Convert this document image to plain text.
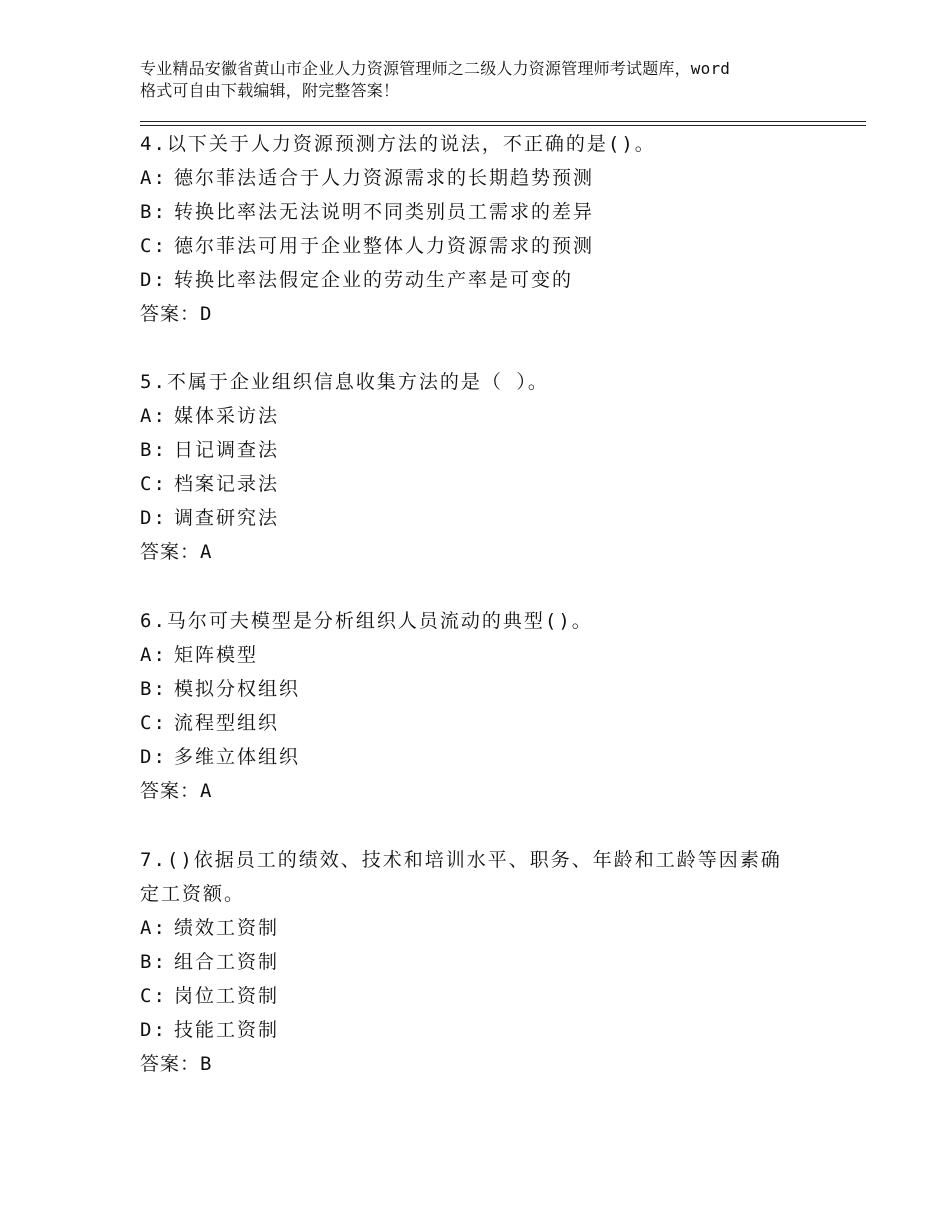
专业精品安徽省黄山市企业人力资源管理师之二级人力资源管理师考试题库，word
格式可自由下载编辑，附完整答案！
4.以下关于人力资源预测方法的说法，不正确的是()。
A: 德尔菲法适合于人力资源需求的长期趋势预测
B: 转换比率法无法说明不同类别员工需求的差异
C: 德尔菲法可用于企业整体人力资源需求的预测
D: 转换比率法假定企业的劳动生产率是可变的
答案：D
5.不属于企业组织信息收集方法的是（ ）。
A: 媒体采访法
B: 日记调查法
C: 档案记录法
D: 调查研究法
答案：A
6.马尔可夫模型是分析组织人员流动的典型()。
A: 矩阵模型
B: 模拟分权组织
C: 流程型组织
D: 多维立体组织
答案：A
7.()依据员工的绩效、技术和培训水平、职务、年龄和工龄等因素确
定工资额。
A: 绩效工资制
B: 组合工资制
C: 岗位工资制
D: 技能工资制
答案：B
